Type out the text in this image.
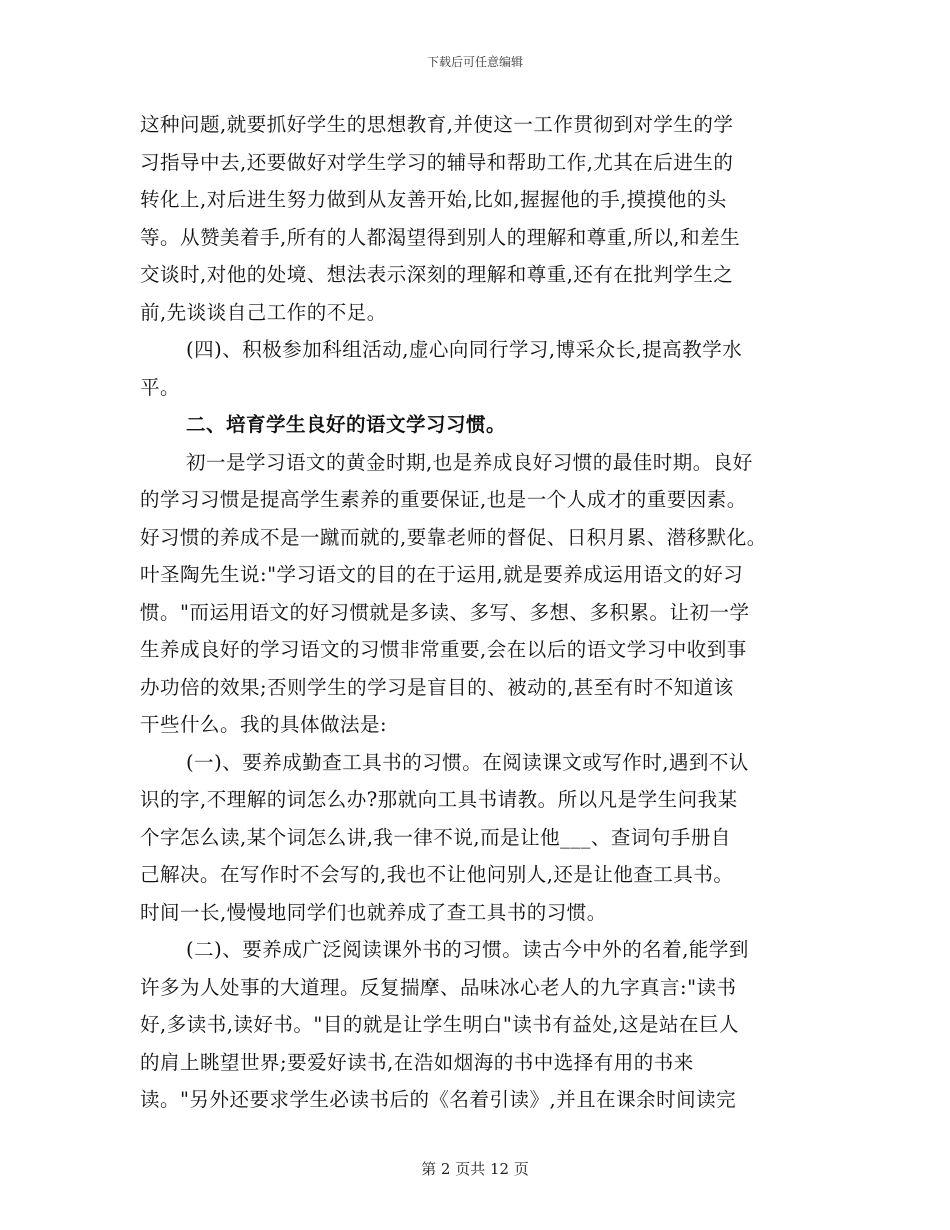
下载后可任意编辑
这种问题,就要抓好学生的思想教育,并使这一工作贯彻到对学生的学
习指导中去,还要做好对学生学习的辅导和帮助工作,尤其在后进生的
转化上,对后进生努力做到从友善开始,比如,握握他的手,摸摸他的头
等。从赞美着手,所有的人都渴望得到别人的理解和尊重,所以,和差生
交谈时,对他的处境、想法表示深刻的理解和尊重,还有在批判学生之
前,先谈谈自己工作的不足。
(四)、积极参加科组活动,虚心向同行学习,博采众长,提高教学水
平。
二、培育学生良好的语文学习习惯。
初一是学习语文的黄金时期,也是养成良好习惯的最佳时期。良好
的学习习惯是提高学生素养的重要保证,也是一个人成才的重要因素。
好习惯的养成不是一蹴而就的,要靠老师的督促、日积月累、潜移默化。
叶圣陶先生说:"学习语文的目的在于运用,就是要养成运用语文的好习
惯。"而运用语文的好习惯就是多读、多写、多想、多积累。让初一学
生养成良好的学习语文的习惯非常重要,会在以后的语文学习中收到事
办功倍的效果;否则学生的学习是盲目的、被动的,甚至有时不知道该
干些什么。我的具体做法是:
(一)、要养成勤查工具书的习惯。在阅读课文或写作时,遇到不认
识的字,不理解的词怎么办?那就向工具书请教。所以凡是学生问我某
个字怎么读,某个词怎么讲,我一律不说,而是让他___、查词句手册自
己解决。在写作时不会写的,我也不让他问别人,还是让他查工具书。
时间一长,慢慢地同学们也就养成了查工具书的习惯。
(二)、要养成广泛阅读课外书的习惯。读古今中外的名着,能学到
许多为人处事的大道理。反复揣摩、品味冰心老人的九字真言:"读书
好,多读书,读好书。"目的就是让学生明白"读书有益处,这是站在巨人
的肩上眺望世界;要爱好读书,在浩如烟海的书中选择有用的书来
读。"另外还要求学生必读书后的《名着引读》,并且在课余时间读完
第 2 页共 12 页
